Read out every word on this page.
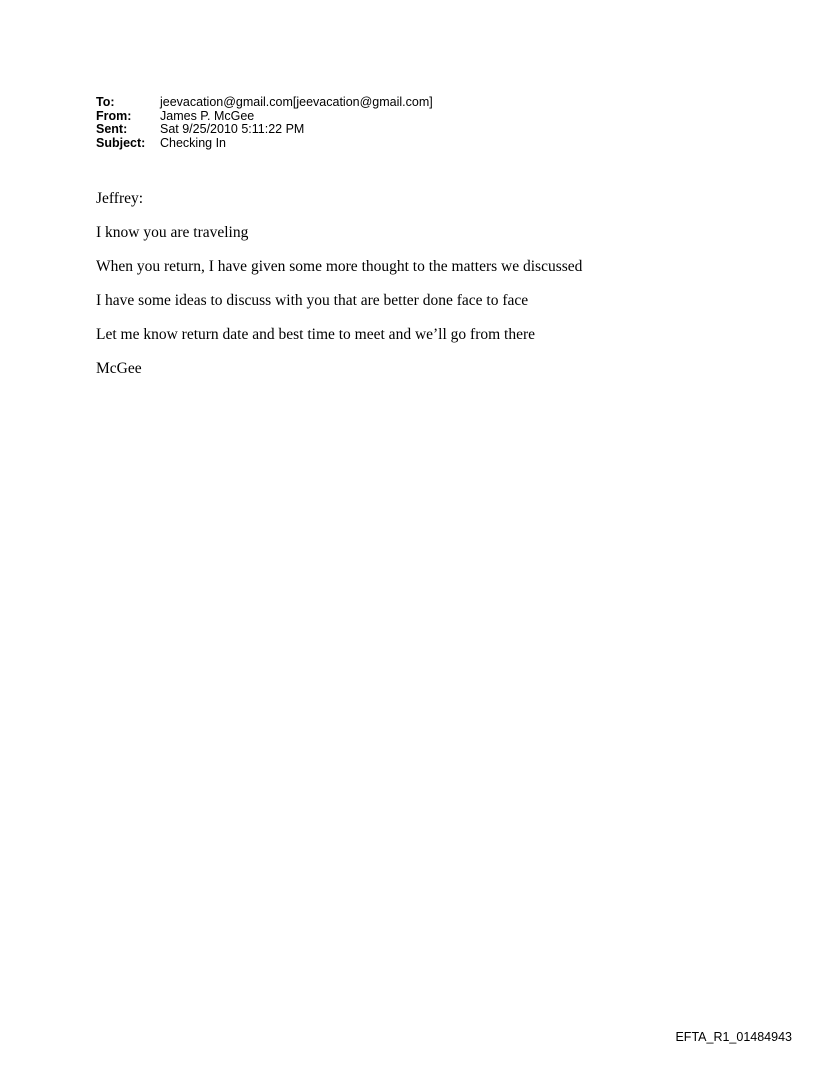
To:	jeevacation@gmail.com[jeevacation@gmail.com]
From:	James P. McGee
Sent:	Sat 9/25/2010 5:11:22 PM
Subject:	Checking In

Jeffrey:

I know you are traveling

When you return, I have given some more thought to the matters we discussed

I have some ideas to discuss with you that are better done face to face

Let me know return date and best time to meet and we’ll go from there

McGee

EFTA_R1_01484943
